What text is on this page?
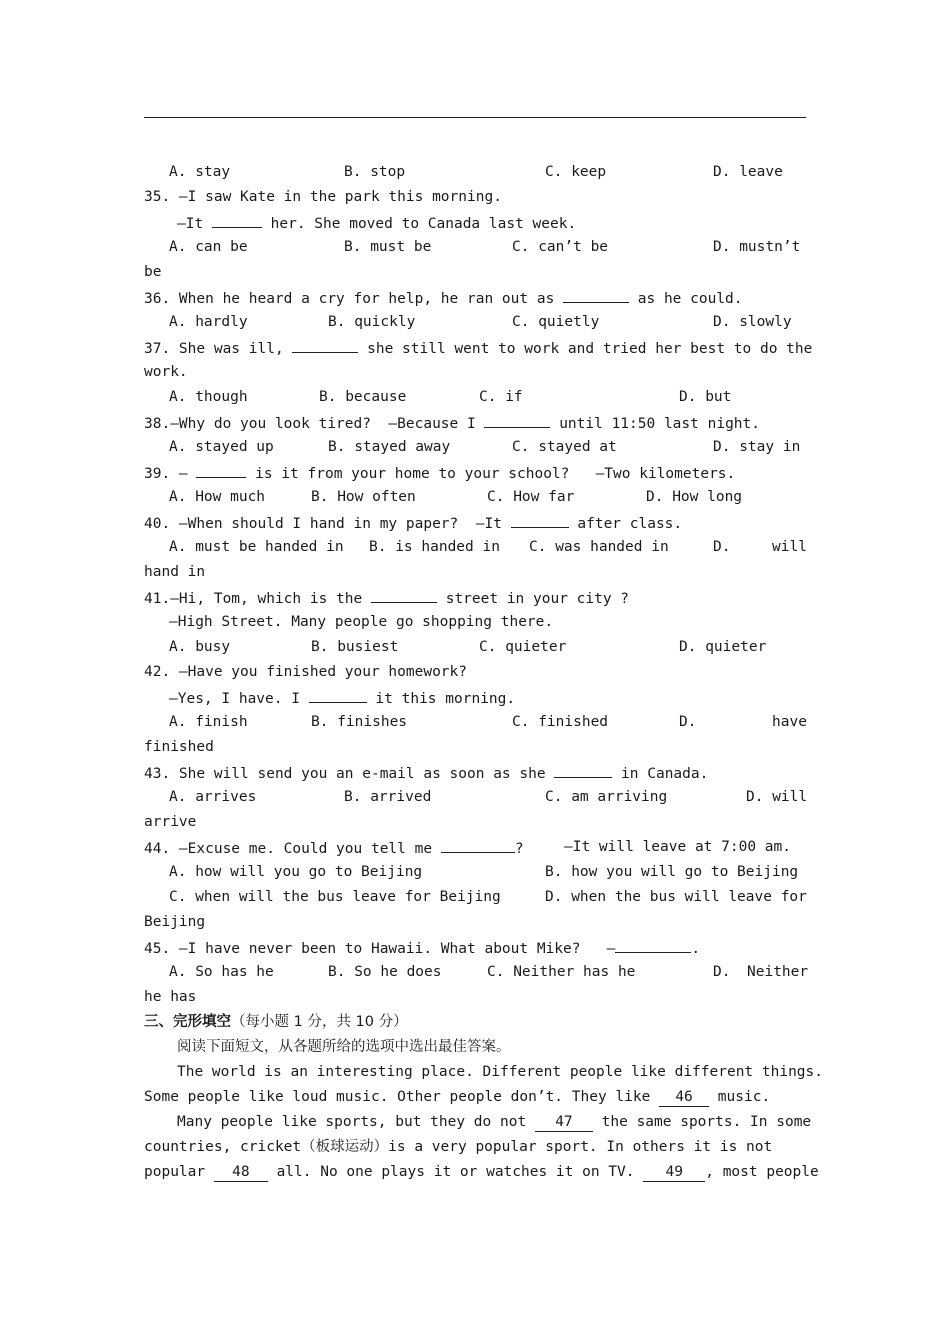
A. stay

	B. stop

	C. keep

	D. leave

35. —I saw Kate in the park this morning.
—It	her. She moved to Canada last week.

A. can be

	B. must be

	C. can’t be

	D. mustn’t

be
36. When he heard a cry for help, he ran out as	as he could.

A. hardly

	B. quickly

	C. quietly

	D. slowly

37. She was ill,	she still went to work and tried her best to do the
work.

A. though

	B. because

	C. if

	D. but

38.—Why do you look tired?  —Because I	until 11:50 last night.

A. stayed up

	B. stayed away

	C. stayed at

	D. stay in

39. —	is it from your home to your school?   —Two kilometers.

A. How much

	B. How often

	C. How far

	D. How long

40. —When should I hand in my paper?  —It	after class.

A. must be handed in

B. is handed in

C. was handed in

	D.

	will

hand in
41.—Hi, Tom, which is the	street in your city ?
—High Street. Many people go shopping there.

A. busy

	B. busiest

	C. quieter

	D. quieter

42. —Have you finished your homework?
—Yes, I have. I	it this morning.

A. finish

	B. finishes

	C. finished

	D.

	have

finished
43. She will send you an e-mail as soon as she	in Canada.

A. arrives

	B. arrived

	C. am arriving

	D. will

arrive

44. —Excuse me. Could you tell me	?

	—It will leave at 7:00 am.

A. how will you go to Beijing

	B. how you will go to Beijing

C. when will the bus leave for Beijing

	D. when the bus will leave for

Beijing
45. —I have never been to Hawaii. What about Mike?   —	.

A. So has he

	B. So he does

	C. Neither has he

	D.

Neither

he has
三、完形填空（每小题 1 分，共 10 分）
阅读下面短文，从各题所给的选项中选出最佳答案。
The world is an interesting place. Different people like different things.
Some people like loud music. Other people don’t. They like 46 music.
Many people like sports, but they do not 47 the same sports. In some
countries, cricket（板球运动）is a very popular sport. In others it is not
popular 48 all. No one plays it or watches it on TV. 49 , most people
